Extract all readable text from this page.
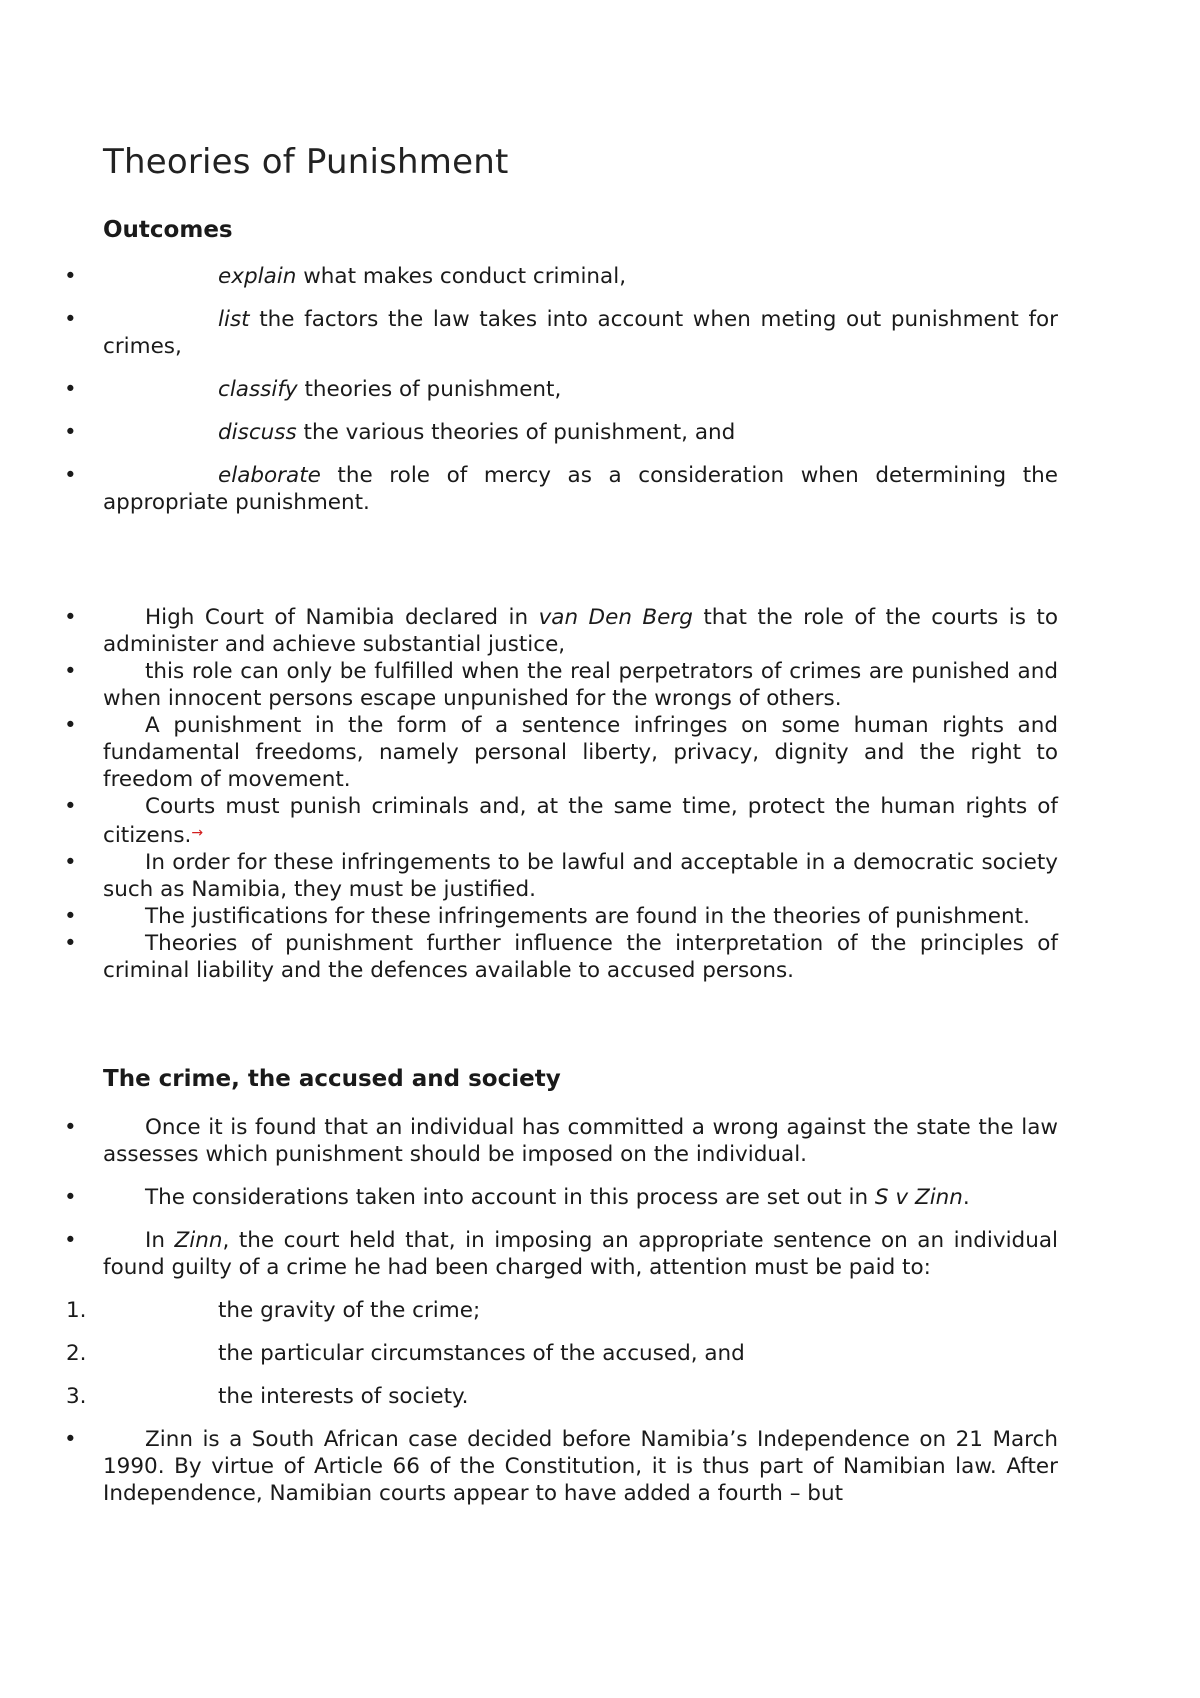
Theories of Punishment
Outcomes
•	explain what makes conduct criminal,
•	list the factors the law takes into account when meting out punishment for crimes,
•	classify theories of punishment,
•	discuss the various theories of punishment, and
•	elaborate the role of mercy as a consideration when determining the appropriate punishment.
•	High Court of Namibia declared in van Den Berg that the role of the courts is to administer and achieve substantial justice,
•	this role can only be fulfilled when the real perpetrators of crimes are punished and when innocent persons escape unpunished for the wrongs of others.
•	A punishment in the form of a sentence infringes on some human rights and fundamental freedoms, namely personal liberty, privacy, dignity and the right to freedom of movement.
•	Courts must punish criminals and, at the same time, protect the human rights of citizens.→
•	In order for these infringements to be lawful and acceptable in a democratic society such as Namibia, they must be justified.
•	The justifications for these infringements are found in the theories of punishment.
•	Theories of punishment further influence the interpretation of the principles of criminal liability and the defences available to accused persons.
The crime, the accused and society
•	Once it is found that an individual has committed a wrong against the state the law assesses which punishment should be imposed on the individual.
•	The considerations taken into account in this process are set out in S v Zinn.
•	In Zinn, the court held that, in imposing an appropriate sentence on an individual found guilty of a crime he had been charged with, attention must be paid to:
1.	the gravity of the crime;
2.	the particular circumstances of the accused, and
3.	the interests of society.
•	Zinn is a South African case decided before Namibia’s Independence on 21 March 1990. By virtue of Article 66 of the Constitution, it is thus part of Namibian law. After Independence, Namibian courts appear to have added a fourth – but
